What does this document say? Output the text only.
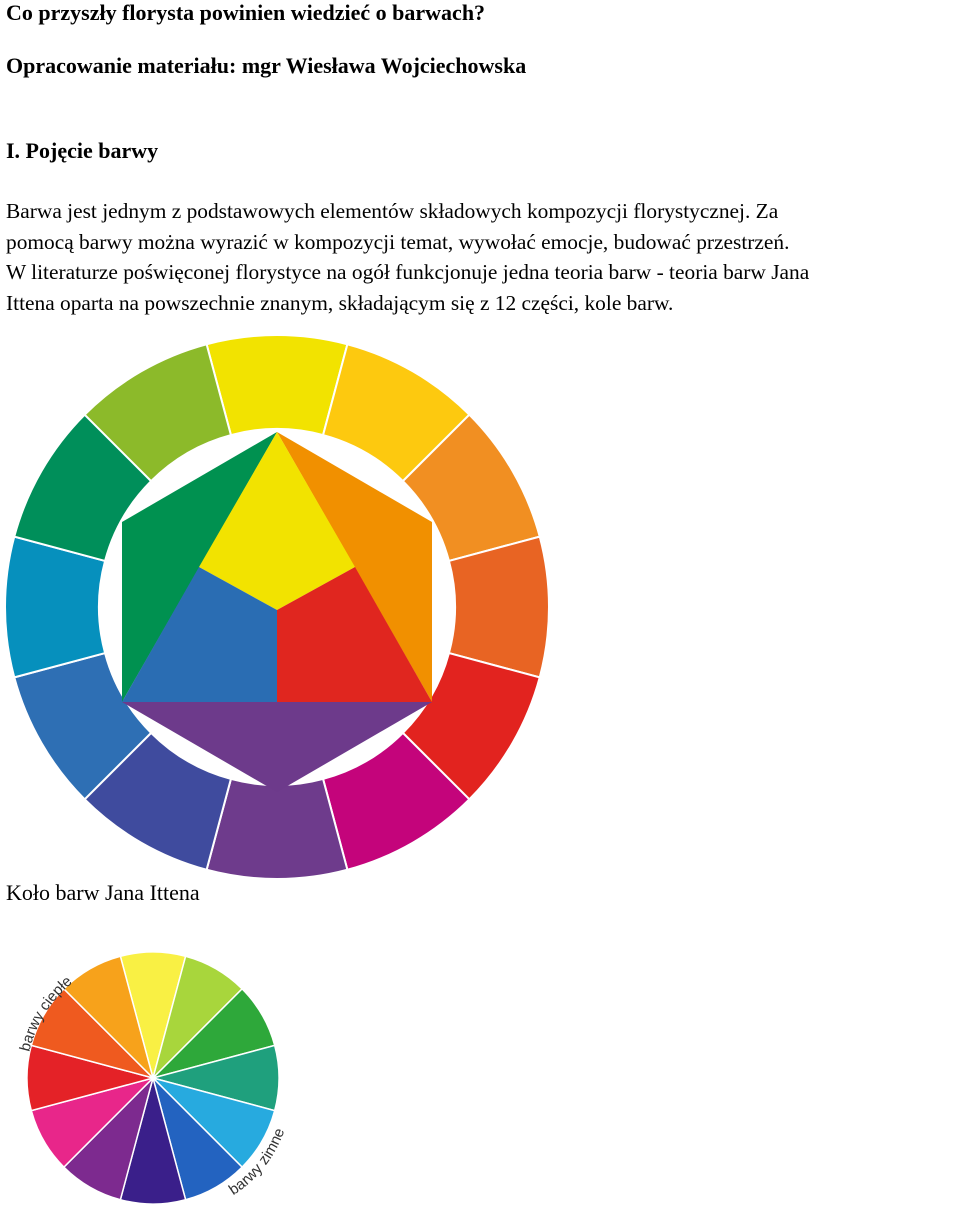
Co przyszły florysta powinien wiedzieć o barwach?
Opracowanie materiału: mgr Wiesława Wojciechowska
I. Pojęcie barwy
Barwa jest jednym z podstawowych elementów składowych kompozycji florystycznej. Za
pomocą barwy można wyrazić w kompozycji temat, wywołać emocje, budować przestrzeń.
W literaturze poświęconej florystyce na ogół funkcjonuje jedna teoria barw - teoria barw Jana
Ittena oparta na powszechnie znanym, składającym się z 12 części, kole barw.
Koło barw Jana Ittena
barwy ciepłe
barwy zimne
